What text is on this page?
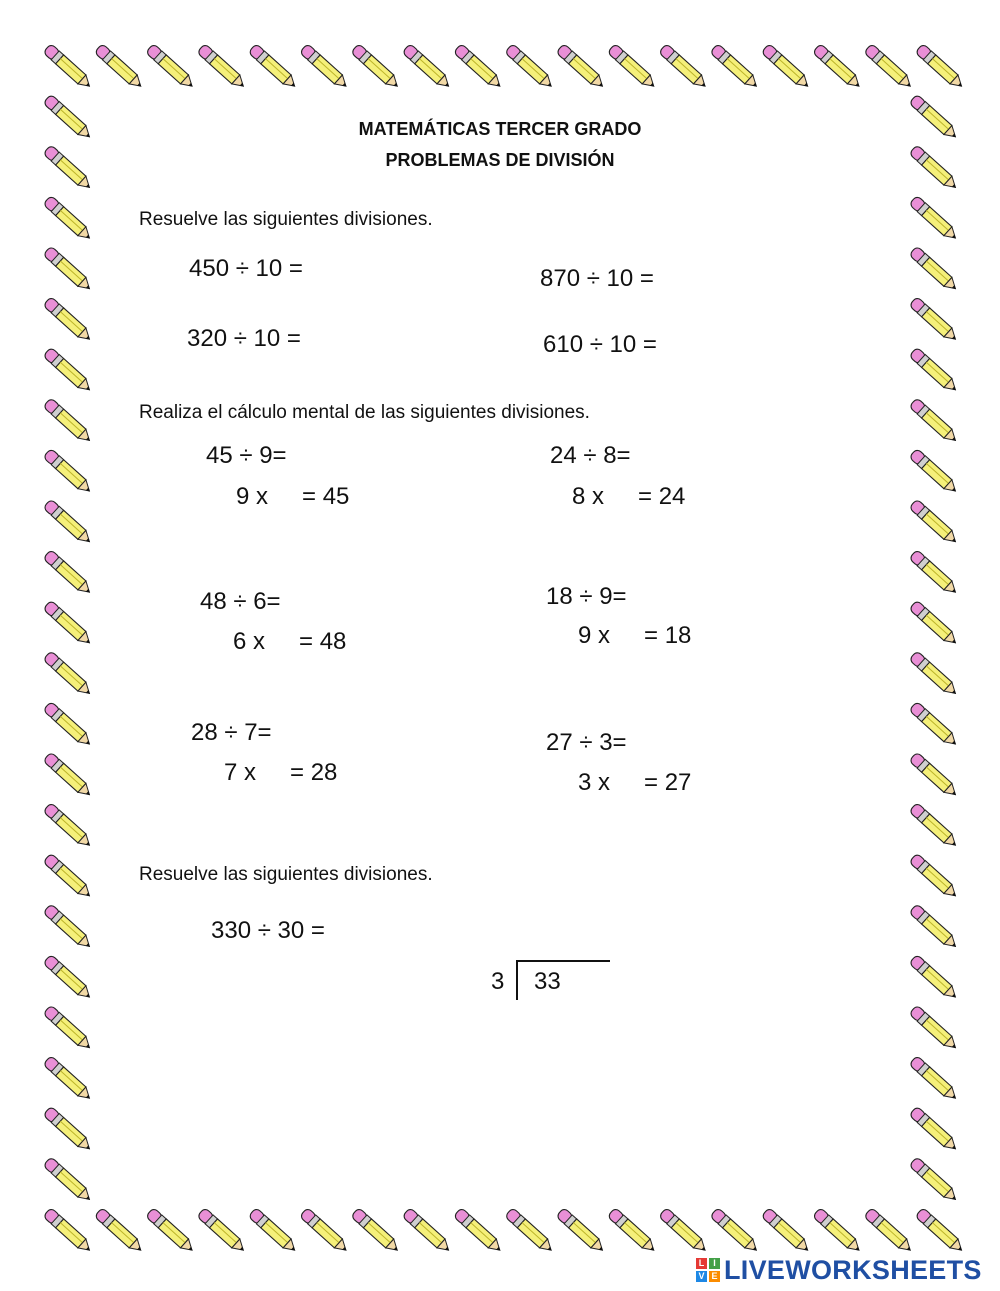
MATEMÁTICAS TERCER GRADO
PROBLEMAS DE DIVISIÓN
Resuelve las siguientes divisiones.
450 ÷ 10 =	870 ÷ 10 =
320 ÷ 10 =	610 ÷ 10 =
Realiza el cálculo mental de las siguientes divisiones.
45 ÷ 9=
9 x = 45
24 ÷ 8=
8 x = 24
48 ÷ 6=
6 x = 48
18 ÷ 9=
9 x = 18
28 ÷ 7=
7 x = 28
27 ÷ 3=
3 x = 27
Resuelve las siguientes divisiones.
330 ÷ 30 =
3 33
L I
V E LIVEWORKSHEETS
